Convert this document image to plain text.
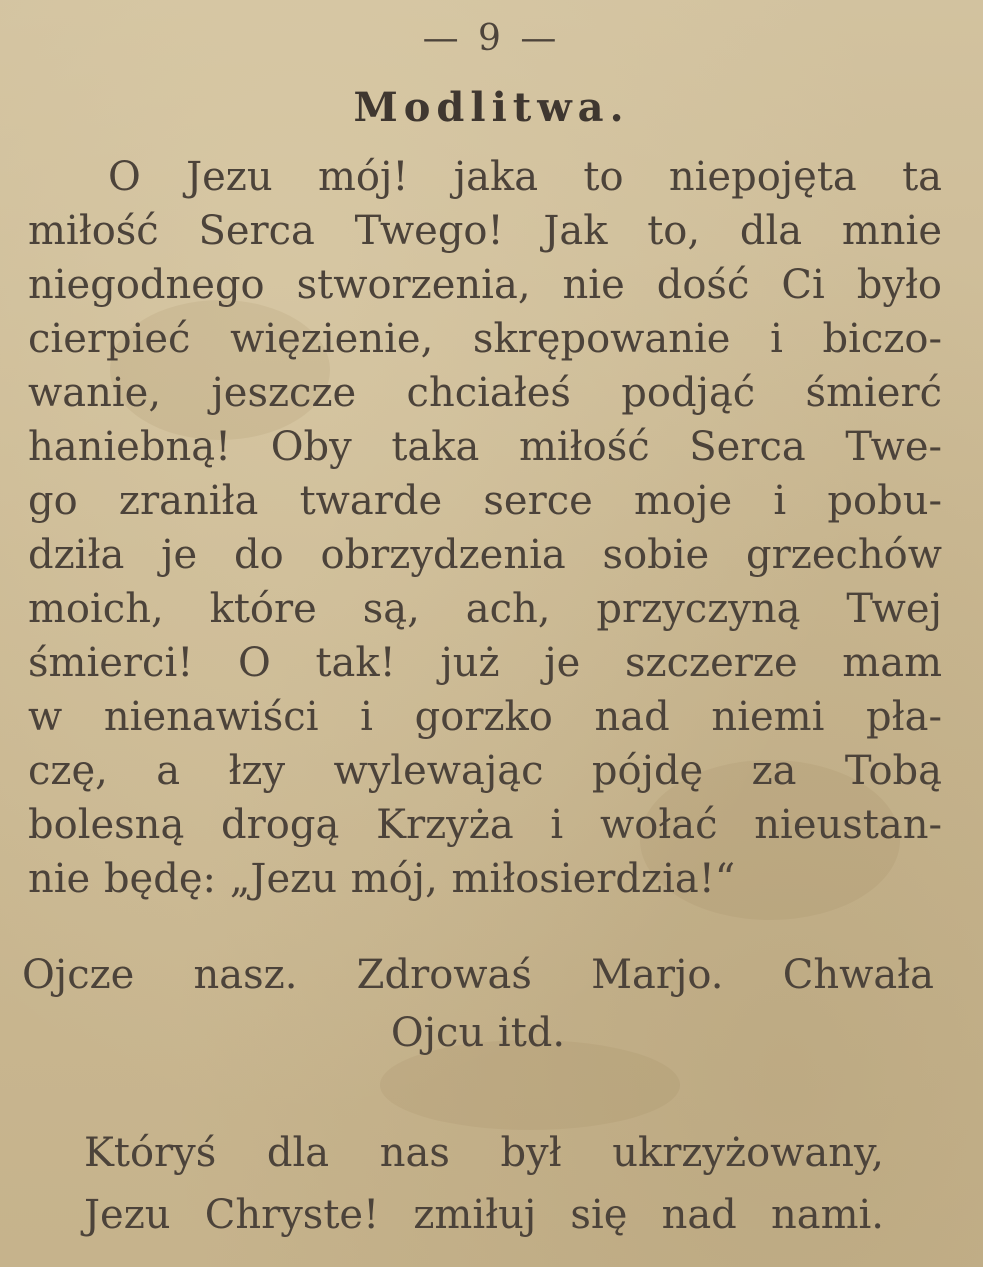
— 9 —
Modlitwa.
O Jezu mój! jaka to niepojęta ta
miłość Serca Twego! Jak to, dla mnie
niegodnego stworzenia, nie dość Ci było
cierpieć więzienie, skrępowanie i biczo-
wanie, jeszcze chciałeś podjąć śmierć
haniebną! Oby taka miłość Serca Twe-
go zraniła twarde serce moje i pobu-
dziła je do obrzydzenia sobie grzechów
moich, które są, ach, przyczyną Twej
śmierci! O tak! już je szczerze mam
w nienawiści i gorzko nad niemi pła-
czę, a łzy wylewając pójdę za Tobą
bolesną drogą Krzyża i wołać nieustan-
nie będę: „Jezu mój, miłosierdzia!“
Ojcze nasz. Zdrowaś Marjo. Chwała
Ojcu itd.
Któryś dla nas był ukrzyżowany,
Jezu Chryste! zmiłuj się nad nami.
